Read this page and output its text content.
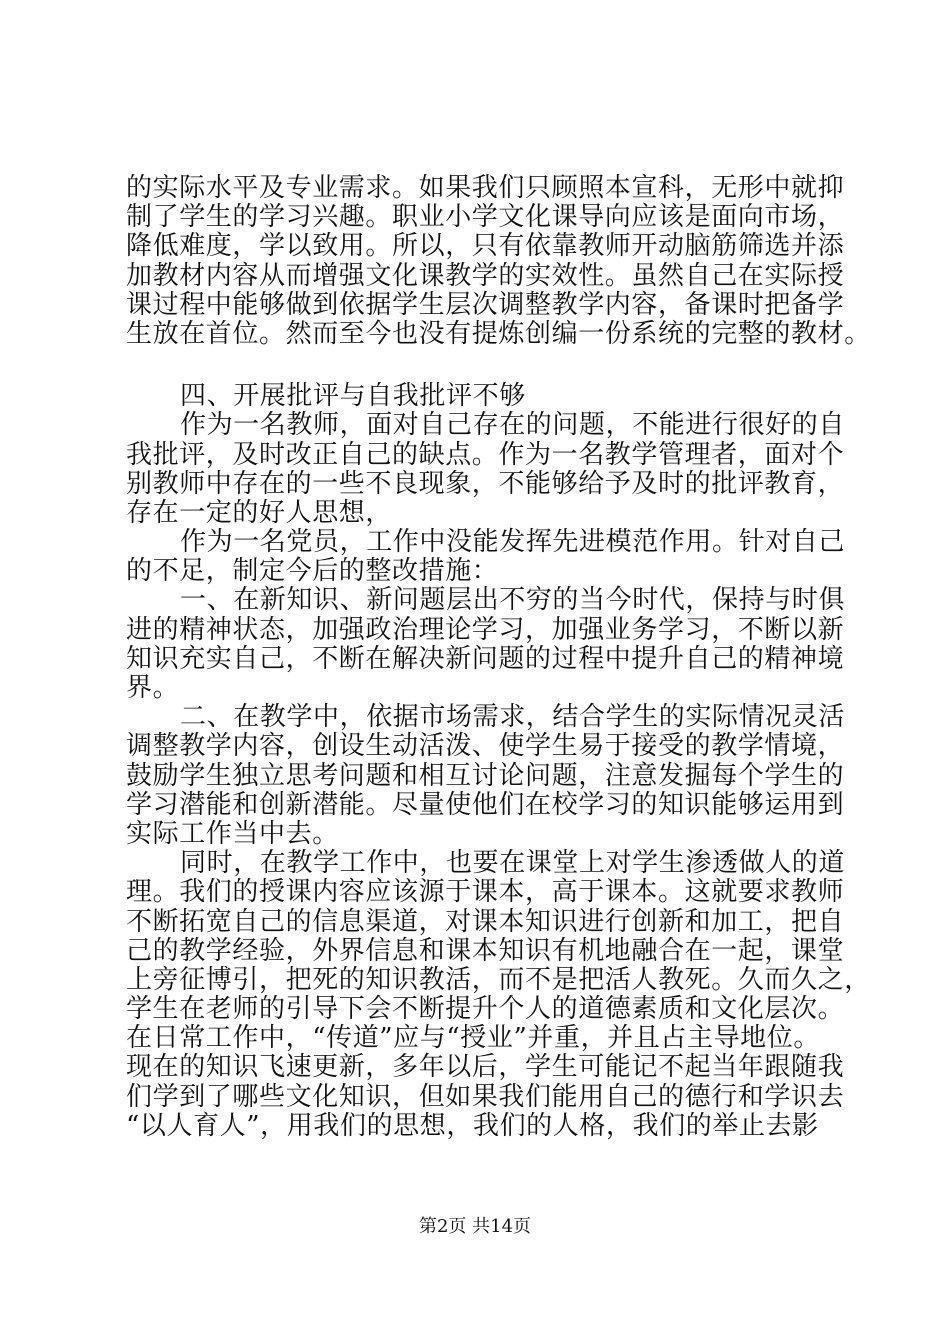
的实际水平及专业需求。如果我们只顾照本宣科，无形中就抑
制了学生的学习兴趣。职业小学文化课导向应该是面向市场，
降低难度，学以致用。所以，只有依靠教师开动脑筋筛选并添
加教材内容从而增强文化课教学的实效性。虽然自己在实际授
课过程中能够做到依据学生层次调整教学内容，备课时把备学
生放在首位。然而至今也没有提炼创编一份系统的完整的教材。
四、开展批评与自我批评不够
作为一名教师，面对自己存在的问题，不能进行很好的自
我批评，及时改正自己的缺点。作为一名教学管理者，面对个
别教师中存在的一些不良现象，不能够给予及时的批评教育，
存在一定的好人思想，
作为一名党员，工作中没能发挥先进模范作用。针对自己
的不足，制定今后的整改措施：
一、在新知识、新问题层出不穷的当今时代，保持与时俱
进的精神状态，加强政治理论学习，加强业务学习，不断以新
知识充实自己，不断在解决新问题的过程中提升自己的精神境
界。
二、在教学中，依据市场需求，结合学生的实际情况灵活
调整教学内容，创设生动活泼、使学生易于接受的教学情境，
鼓励学生独立思考问题和相互讨论问题，注意发掘每个学生的
学习潜能和创新潜能。尽量使他们在校学习的知识能够运用到
实际工作当中去。
同时，在教学工作中，也要在课堂上对学生渗透做人的道
理。我们的授课内容应该源于课本，高于课本。这就要求教师
不断拓宽自己的信息渠道，对课本知识进行创新和加工，把自
己的教学经验，外界信息和课本知识有机地融合在一起，课堂
上旁征博引，把死的知识教活，而不是把活人教死。久而久之，
学生在老师的引导下会不断提升个人的道德素质和文化层次。
在日常工作中，“传道”应与“授业”并重，并且占主导地位。
现在的知识飞速更新，多年以后，学生可能记不起当年跟随我
们学到了哪些文化知识，但如果我们能用自己的德行和学识去
“以人育人”，用我们的思想，我们的人格，我们的举止去影
第2页 共14页
